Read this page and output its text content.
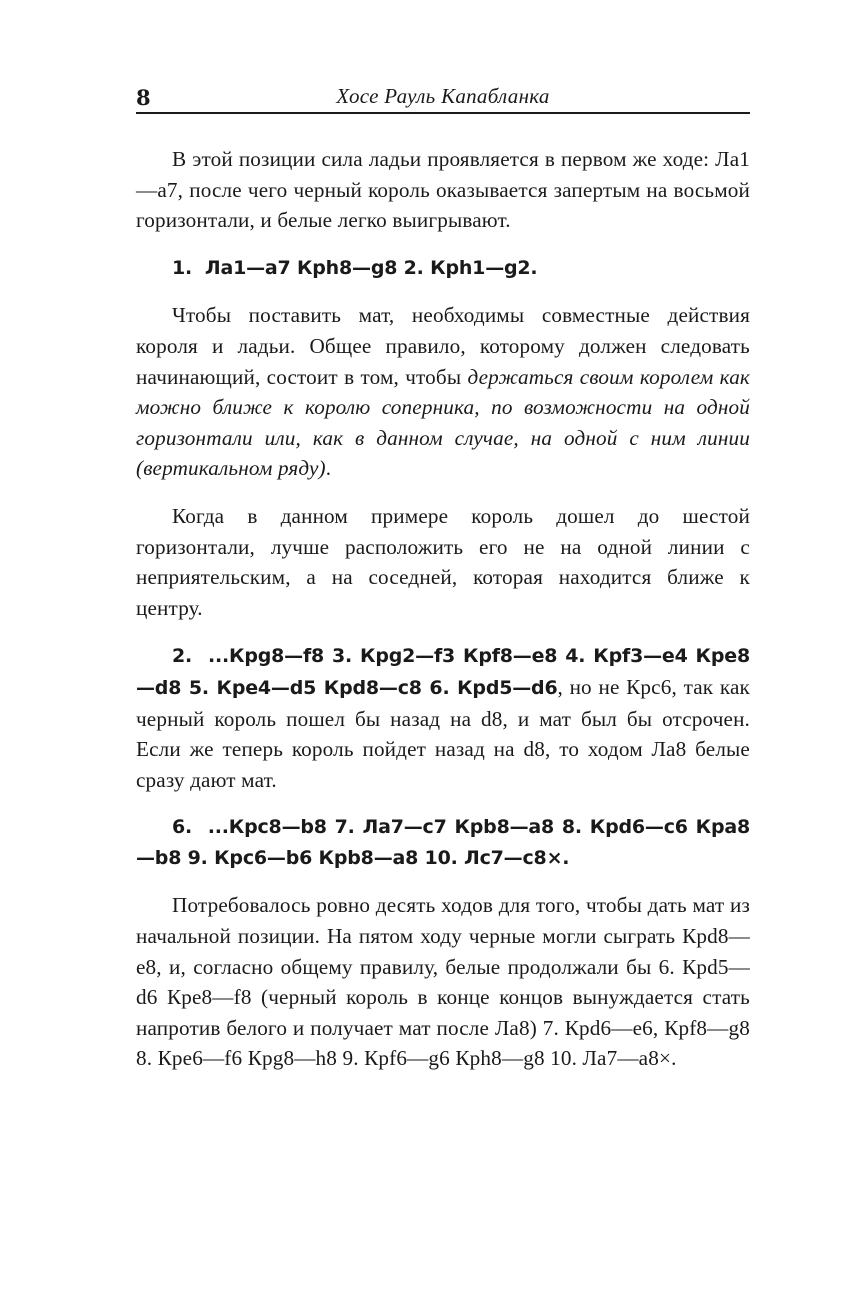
8	Хосе Рауль Капабланка

В этой позиции сила ладьи проявляется в первом же ходе: Ла1—а7, после чего черный король оказывается запертым на восьмой горизонтали, и белые легко выигрывают.

1.  Ла1—а7 Крh8—g8 2. Крh1—g2.

Чтобы поставить мат, необходимы совместные действия короля и ладьи. Общее правило, которому должен следовать начинающий, состоит в том, чтобы держаться своим королем как можно ближе к королю соперника, по возможности на одной горизонтали или, как в данном случае, на одной с ним линии (вертикальном ряду).

Когда в данном примере король дошел до шестой горизонтали, лучше расположить его не на одной линии с неприятельским, а на соседней, которая находится ближе к центру.

2.  ...Крg8—f8 3. Крg2—f3 Крf8—e8 4. Крf3—e4 Кре8—d8 5. Кре4—d5 Крd8—c8 6. Крd5—d6, но не Крс6, так как черный король пошел бы назад на d8, и мат был бы отсрочен. Если же теперь король пойдет назад на d8, то ходом Ла8 белые сразу дают мат.

6.  ...Крс8—b8 7. Ла7—с7 Крb8—а8 8. Крd6—с6 Кра8—b8 9. Крс6—b6 Крb8—а8 10. Лс7—с8×.

Потребовалось ровно десять ходов для того, чтобы дать мат из начальной позиции. На пятом ходу черные могли сыграть Крd8—e8, и, согласно общему правилу, белые продолжали бы 6. Крd5—d6 Кре8—f8 (черный король в конце концов вынуждается стать напротив белого и получает мат после Ла8) 7. Крd6—e6, Крf8—g8 8. Кре6—f6 Крg8—h8 9. Крf6—g6 Крh8—g8 10. Ла7—а8×.
